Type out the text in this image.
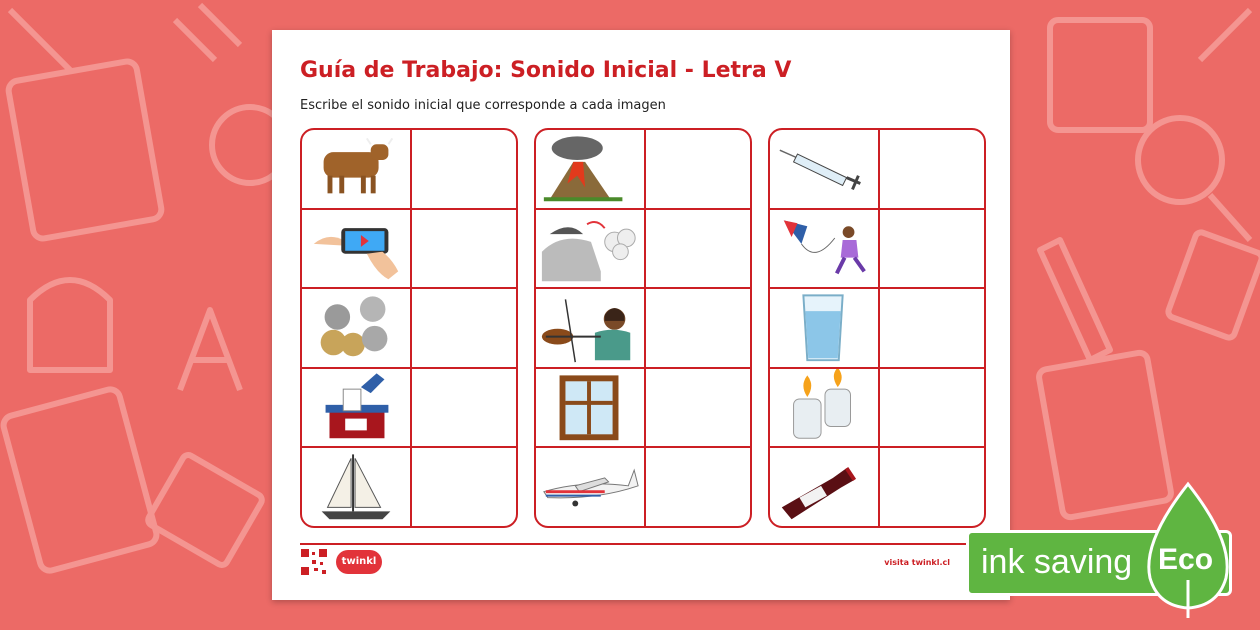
Guía de Trabajo: Sonido Inicial - Letra V
Escribe el sonido inicial que corresponde a cada imagen
twinkl	visita twinkl.cl ink saving Eco
